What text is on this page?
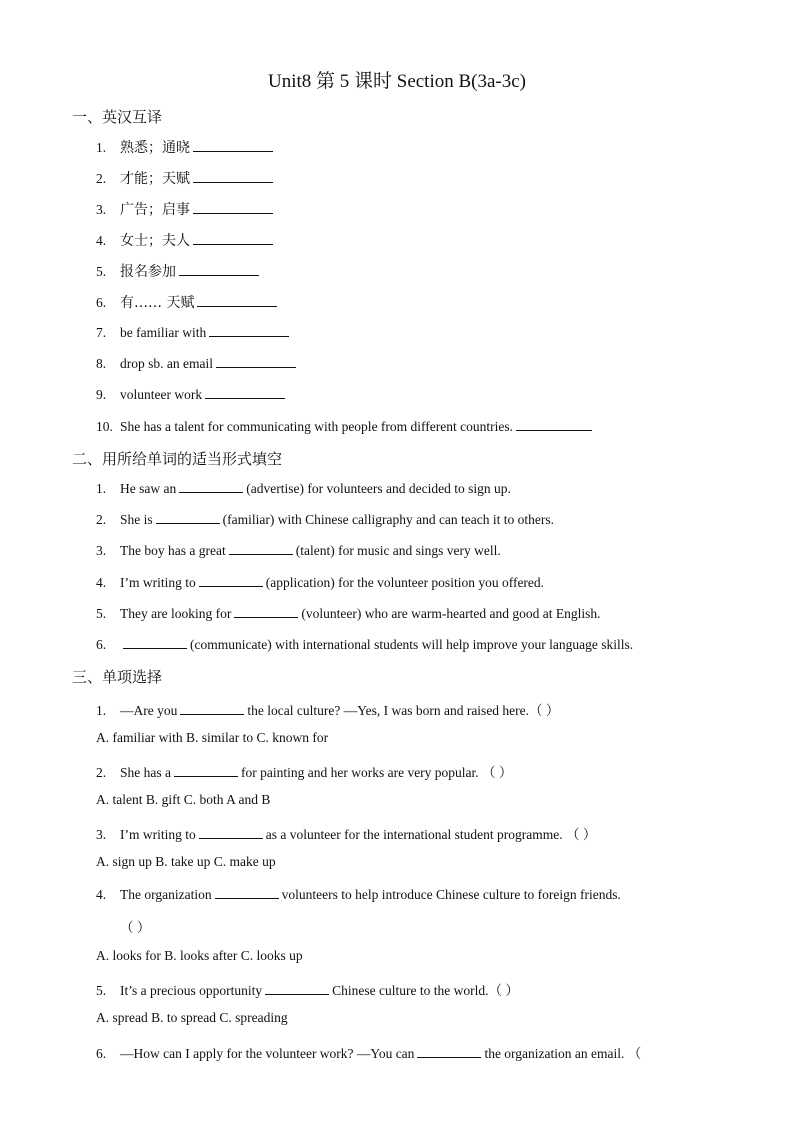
Unit8 第 5 课时 Section B(3a-3c)
一、英汉互译
1. 熟悉；通晓
2. 才能；天赋
3. 广告；启事
4. 女士；夫人
5. 报名参加
6. 有…… 天赋
7. be familiar with
8. drop sb. an email
9. volunteer work
10. She has a talent for communicating with people from different countries.
二、用所给单词的适当形式填空
1. He saw an	(advertise) for volunteers and decided to sign up.
2. She is	(familiar) with Chinese calligraphy and can teach it to others.
3. The boy has a great	(talent) for music and sings very well.
4. I’m writing to	(application) for the volunteer position you offered.
5. They are looking for	(volunteer) who are warm-hearted and good at English.
6.	(communicate) with international students will help improve your language skills.
三、单项选择
1. —Are you	the local culture? —Yes, I was born and raised here.（ ）
A. familiar with B. similar to C. known for
2. She has a	for painting and her works are very popular. （ ）
A. talent B. gift C. both A and B
3. I’m writing to	as a volunteer for the international student programme. （ ）
A. sign up B. take up C. make up
4. The organization	volunteers to help introduce Chinese culture to foreign friends.
（ ）
A. looks for B. looks after C. looks up
5. It’s a precious opportunity	Chinese culture to the world.（ ）
A. spread B. to spread C. spreading
6. —How can I apply for the volunteer work? —You can	the organization an email. （
